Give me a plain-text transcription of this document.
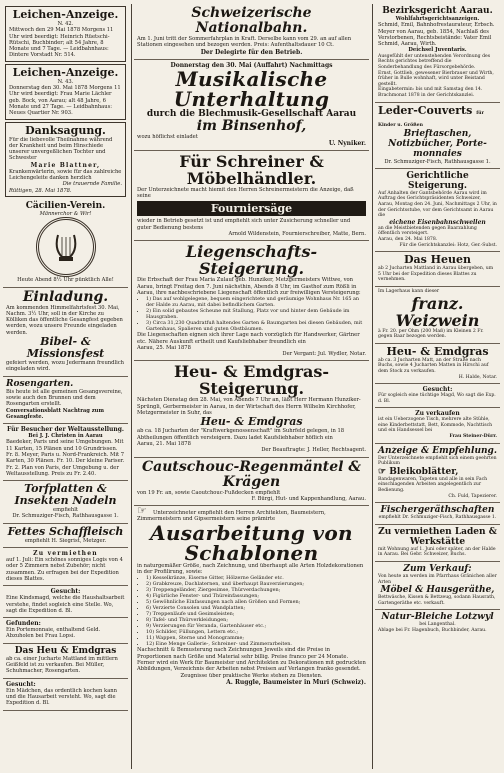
Leichen-Anzeige.
N. 42.
Mittwoch den 29 Mai 1878 Morgens 11 Uhr wird beerdigt: Heinrich Rüetschi-Rütschi, Buchbinder; alt 54 Jahre, 8 Monate und 7 Tage. — Leidbahnhaus: Dintere Vorstadt Nr. 514.
Leichen-Anzeige.
N. 43.
Donnerstag den 30. Mai 1878 Morgens 11 Uhr wird beerdigt: Frau Marie Lächler geb. Bock, von Aarau; alt 48 Jahre, 6 Monate und 27 Tage. — Leidbahnhaus: Neues Quartier Nr. 903.
Danksagung.
Für die liebevolle Theilnahme während der Krankheit und beim Hinschiede unserer unvergeßlichen Tochter und Schwester
Marie Blattner,
Krankenwärterin, sowie für das zahlreiche Leichengeleite danken herzlich
Die trauernde Familie.
Rüttigen, 28. Mai 1878.
Cäcilien-Verein.
Männerchor & Wir!
Heute Abend 8½ Uhr pünktlich Alle!
Einladung.
Am kommenden Himmelfahrtsfest 30. Mai, Nachm. 3½ Uhr, soll in der Kirche zu Kölliken das öffentliche Gesangfest gegeben werden, wozu unsere Freunde eingeladen werden.
Bibel- & Missionsfest
gefeiert werden, wozu Jedermann freundlich eingeladen wird.
Rosengarten.
Bis heute ist alle gemeinen Gesangsvereine, sowie auch den Brunnen und dem Rosengarten erstellt.
Conversationsblatt Nachtrag zum Gesangfeste.
Für Besucher der Weltausstellung.
Bei J. J. Christen in Aarau
Baedeker, Paris und seine Umgebungen. Mit 11 Karten, 15 Plänen und 10 Grundrissen. Fr. 8. Meyer, Paris u. Nord-Frankreich. Mit 7 Karten, 30 Plänen. Fr. 10. Der kleine Pariser. Fr. 2. Plan von Paris, der Umgebung u. der Weltausstellung. Preis zu Fr. 2.40.
Torfplatten & Insekten Nadeln
empfiehlt
Dr. Schmuziger-Fisch, Rathhausgasse 1.
Fettes Schaffleisch
empfiehlt H. Siegrist, Metzger.
Zu vermiethen
auf 1. Juli: Ein schönes sonniges Logis von 4 oder 5 Zimmern nebst Zubehör; nicht zusammen. Zu erfragen bei der Expedition dieses Blattes.
Gesucht:
Eine Kindsmagd, welche die Haushaltsarbeit verstehe, findet sogleich eine Stelle. Wo, sagt die Expedition d. Bl.
Gefunden:
Ein Portemonnaie, enthaltend Geld. Abzuholen bei Frau Lopsi.
Das Heu & Emdgras
ab ca. einer Jucharte Mattland im mittlern Geißfeld ist zu verkaufen. Bei Müller, Schuhmacher, Rosengarten.
Gesucht:
Ein Mädchen, das ordentlich kochen kann und die Hausarbeit versteht. Wo, sagt die Expedition d. Bl.
Schweizerische Nationalbahn.
Am 1. Juni tritt der Sommerfahrplan in Kraft. Derselbe kann vom 29. an auf allen Stationen eingesehen und bezogen werden. Preis: Aufenthaltsdauer 10 Ct.
Der Delegirte für den Betrieb.
Donnerstag den 30. Mai (Auffahrt) Nachmittags
Musikalische Unterhaltung
durch die Blechmusik-Gesellschaft Aarau
im Binsenhof,
wozu höflichst einladet
U. Nyniker.
Für Schreiner & Möbelhändler.
Der Unterzeichnete macht hiemit den Herren Schreinermeistern die Anzeige, daß seine
Fourniersäge
wieder in Betrieb gesetzt ist und empfiehlt sich unter Zusicherung schneller und guter Bedienung bestens
Arnold Wildenstein, Fournierschreiber, Matte, Bern.
Liegenschafts-Steigerung.
Die Erbschaft der Frau Maria Zulauf geb. Hunziker, Metzgermeisters Wittwe, von Aarau, bringt Freitag den 7. Juni nächsthin, Abends 8 Uhr, im Gasthof zum Rößli in Aarau, ihre nachbeschriebene Liegenschaft öffentlich zur freiwilligen Versteigerung:
• 1) Das auf wohlgelegene, bequem eingerichtete und geräumige Wohnhaus Nr. 165 an der Halde zu Aarau, mit dabei befindlichem Garten.
• 2) Ein solid gebautes Scheune mit Stallung, Platz vor und hinter dem Gebäude im Hausgraben.
• 3) Circa 31,230 Quadratfuß haltendes Garten & Baumgarten bei diesen Gebäuden, mit Gartenhaus, Spalieren und guten Obstbäumen.
Die Liegenschaften eignen sich ihrer Lage nach vorzüglich für Handwerker, Gärtner etc. Nähere Auskunft ertheilt und Kaufsliebhaber freundlich ein
Aarau, 25. Mai 1878
Der Vergant: Jul. Wydler, Notar.
Heu- & Emdgras-Steigerung.
Nächsten Dienstag den 28. Mai, von Abends 7 Uhr an, läßt Herr Hermann Hunziker-Sprüngli, Gerbermeister in Aarau, in der Wirtschaft des Herrn Wilhelm Kirchhofer, Metzgermeister in Suhr, das
Heu- & Emdgras
ab ca. 18 Jucharten der "Kraftwerkgenossenschaft" im Suhrfeld gelegen, in 18 Abtheilungen öffentlich versteigern. Dazu ladet Kaufsliebhaber höflich ein
Aarau, 21. Mai 1878
Der Beauftragte: J. Heller, Rechtsagent.
Cautschouc-Regenmäntel & Krägen
von 19 Fr. an, sowie Caoutchouc-Fußdecken empfiehlt
F. Bürgi, Hut- und Kappenhandlung, Aarau.
☞ Unterzeichneter empfiehlt den Herren Architekten, Baumeistern, Zimmermeistern und Gipsermeistern seine prämirte
Ausarbeitung von Schablonen
in naturgemäßer Größe, nach Zeichnung, und überhaupt alle Arten Holzdekorationen in der Profilirung, sowie:
• 1) Kesselkränze, Eiserne Gitter, Hölzerne Geländer etc.
• 2) Grabkreuze, Dachlaternen, und überhaupt Bauverzierungen;
• 3) Treppengeländer, Ziergesimse, Thürverdachungen;
• 4) Figürliche Fenster- und Thüreinfassungen;
• 5) Gewöhnliche Einfassungen nach allen Größen und Formen;
• 6) Verzierte Consolen und Wandplatten;
• 7) Treppenläufe und Gesimsleisten;
• 8) Tafel- und Thürverkleidungen;
• 9) Verzierungen für Veranda, Gartenhäuser etc.;
• 10) Schilder, Füllungen, Lettern etc.;
• 11) Wappen, Sterne und Monogramme;
• 12) Eine Menge Gallerie-, Schreiner- und Zimmerarbeiten.
Nachschnitt & Bemusterung nach Zeichnungen Jeweils sind die Preise in Proportionen nach Größe und Material sehr billig. Preise franco per 24 Monate.
Ferner wird ein Werk für Baumeister und Architekten zu Dekorationen mit gedruckten Abbildungen, Verzeichnis der Arbeiten nebst Preisen auf Verlangen franko gesendet.
Zeugnisse über praktische Werke stehen zu Diensten.
A. Ruggle, Baumeister in Muri (Schweiz).
Bezirksgericht Aarau.
Wohlfahrtsgerichtsanzeigen.
Schmid, Emil, Bahnhofrestaurateur, Erbsch. Meyer von Aarau, geb. 1854, Nachlaß des Verstorbenen, Rechtsbeistände: Vater Emil Schmid, Aarau, Wirth.
Deichsel Juventaris.
Ausgefühlt der untenstehenden Verordnung des Rechts gerichtes betreffend die Sonderbehandlung des Fürsorgebehörde.
Ernst, Gottlieb, gewesener Bierbrauer und Wirth, früher in Bulle wohnhaft, wird unter Beistand gestellt.
Eingabetermin: bis und mit Samstag den 14. Brachmonat 1878 in der Gerichtskanzlei.
Leder-Couverts für Kinder u. Größen
Brieftaschen, Notizbücher, Porte-monnaies
Dr. Schmuziger-Fisch, Rathhausgasse 1.
Gerichtliche Steigerung.
Auf Anhalten der Gantsbehörde Aarau wird im Auftrag des Gerichtspräsidenten Schweizer, Aarau, Montag den 24. Juni, Nachmittags 2 Uhr, in der Gerichtsstube, vor dem Gerichtsamt in Aarau die
eichene Eisenbahnschwellen
an die Meistbietenden gegen Baarzahlung öffentlich versteigert.
Aarau, den 24. Mai 1878.
Für die Gerichtskanzlei: Hotz, Ger.-Subst.
Das Heuen
ab 2 Jucharten Mattland in Aarau übergeben, um 5 Uhr bei der Expedition dieses Blattes zu vernehmen.
Im Lagerhaus kann dieser
franz. Weizwein
à Fr. 20. per Ohm (200 Maß) im Kleinen 2 Fr. gegen Baar bezogen werden.
Heu- & Emdgras
ab ca. 3 Jucharten Matt, an der Straße nach Buchs, sowie 4 Jucharten Matten in Hirschi auf dem Stock zu verkaufen.
H. Halde, Notar.
Gesucht:
Für sogleich eine tüchtige Magd, Wo sagt die Exp. d. Bl.
Zu verkaufen
ist ein Ueberzogene Tisch, mehrere alte Stühle, eine Kinderbettstatt, Bett, Kommode, Nachttisch und ein Handsessel bei
Frau Steiner-Dürr.
Anzeige & Empfehlung.
Der Unterzeichnete empfiehlt sich einem geehrten Publikum
☞ Bleikoblätter,
Bandagenwaren, Tapeten und alle in sein Fach einschlagenden Arbeiten angelegentlich zur Bedienung.
Ch. Fuld, Tapezierer.
Fischergeräthschaften
empfiehlt Dr. Schmuziger-Fisch, Rathhausgasse 1.
Zu vermiethen Laden & Werkstätte
mit Wohnung auf 1. Juni oder später, an der Halde in Aarau. Bei Gebr. Schweizer, Buchs.
Zum Verkauf:
Von heute an werden im Pfarrhaus Gränichen aller Arten
Möbel & Hausgeräthe,
Bettwäsche, Kissen & Bettzeug, sodann Hausrath, Gartengeräthe etc. verkauft.
Natur-Bleiche Lotzwyl
bei Langenthal.
Ablage bei Fr. Hagenbuch, Buchbinder, Aarau.
